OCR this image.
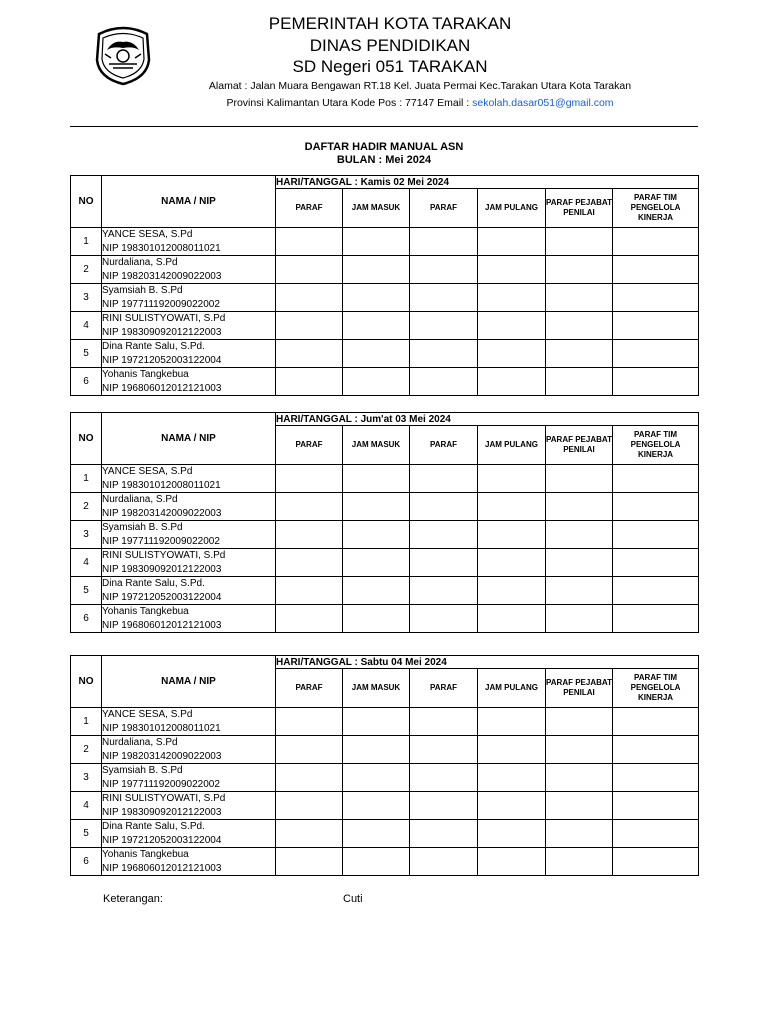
PEMERINTAH KOTA TARAKAN
DINAS PENDIDIKAN
SD Negeri 051 TARAKAN
Alamat : Jalan Muara Bengawan RT.18 Kel. Juata Permai Kec.Tarakan Utara Kota Tarakan
Provinsi Kalimantan Utara Kode Pos : 77147 Email : sekolah.dasar051@gmail.com
DAFTAR HADIR MANUAL ASN
BULAN : Mei 2024
NO	NAMA / NIP	HARI/TANGGAL : Kamis 02 Mei 2024					
		PARAF	JAM MASUK	PARAF	JAM PULANG	PARAF PEJABAT PENILAI	PARAF TIM PENGELOLA KINERJA
1	YANCE SESA, S.Pd
NIP 198301012008011021						

2	Nurdaliana, S.Pd
NIP 198203142009022003						

3	Syamsiah B. S.Pd
NIP 197711192009022002						

4	RINI SULISTYOWATI, S.Pd
NIP 198309092012122003						

5	Dina Rante Salu, S.Pd.
NIP 197212052003122004						

6	Yohanis Tangkebua
NIP 196806012012121003						

NO	NAMA / NIP	HARI/TANGGAL : Jum'at 03 Mei 2024					
		PARAF	JAM MASUK	PARAF	JAM PULANG	PARAF PEJABAT PENILAI	PARAF TIM PENGELOLA KINERJA
1	YANCE SESA, S.Pd
NIP 198301012008011021						

2	Nurdaliana, S.Pd
NIP 198203142009022003						

3	Syamsiah B. S.Pd
NIP 197711192009022002						

4	RINI SULISTYOWATI, S.Pd
NIP 198309092012122003						

5	Dina Rante Salu, S.Pd.
NIP 197212052003122004						

6	Yohanis Tangkebua
NIP 196806012012121003						

NO	NAMA / NIP	HARI/TANGGAL : Sabtu 04 Mei 2024					
		PARAF	JAM MASUK	PARAF	JAM PULANG	PARAF PEJABAT PENILAI	PARAF TIM PENGELOLA KINERJA
1	YANCE SESA, S.Pd
NIP 198301012008011021						

2	Nurdaliana, S.Pd
NIP 198203142009022003						

3	Syamsiah B. S.Pd
NIP 197711192009022002						

4	RINI SULISTYOWATI, S.Pd
NIP 198309092012122003						

5	Dina Rante Salu, S.Pd.
NIP 197212052003122004						

6	Yohanis Tangkebua
NIP 196806012012121003						

Keterangan:	Cuti
